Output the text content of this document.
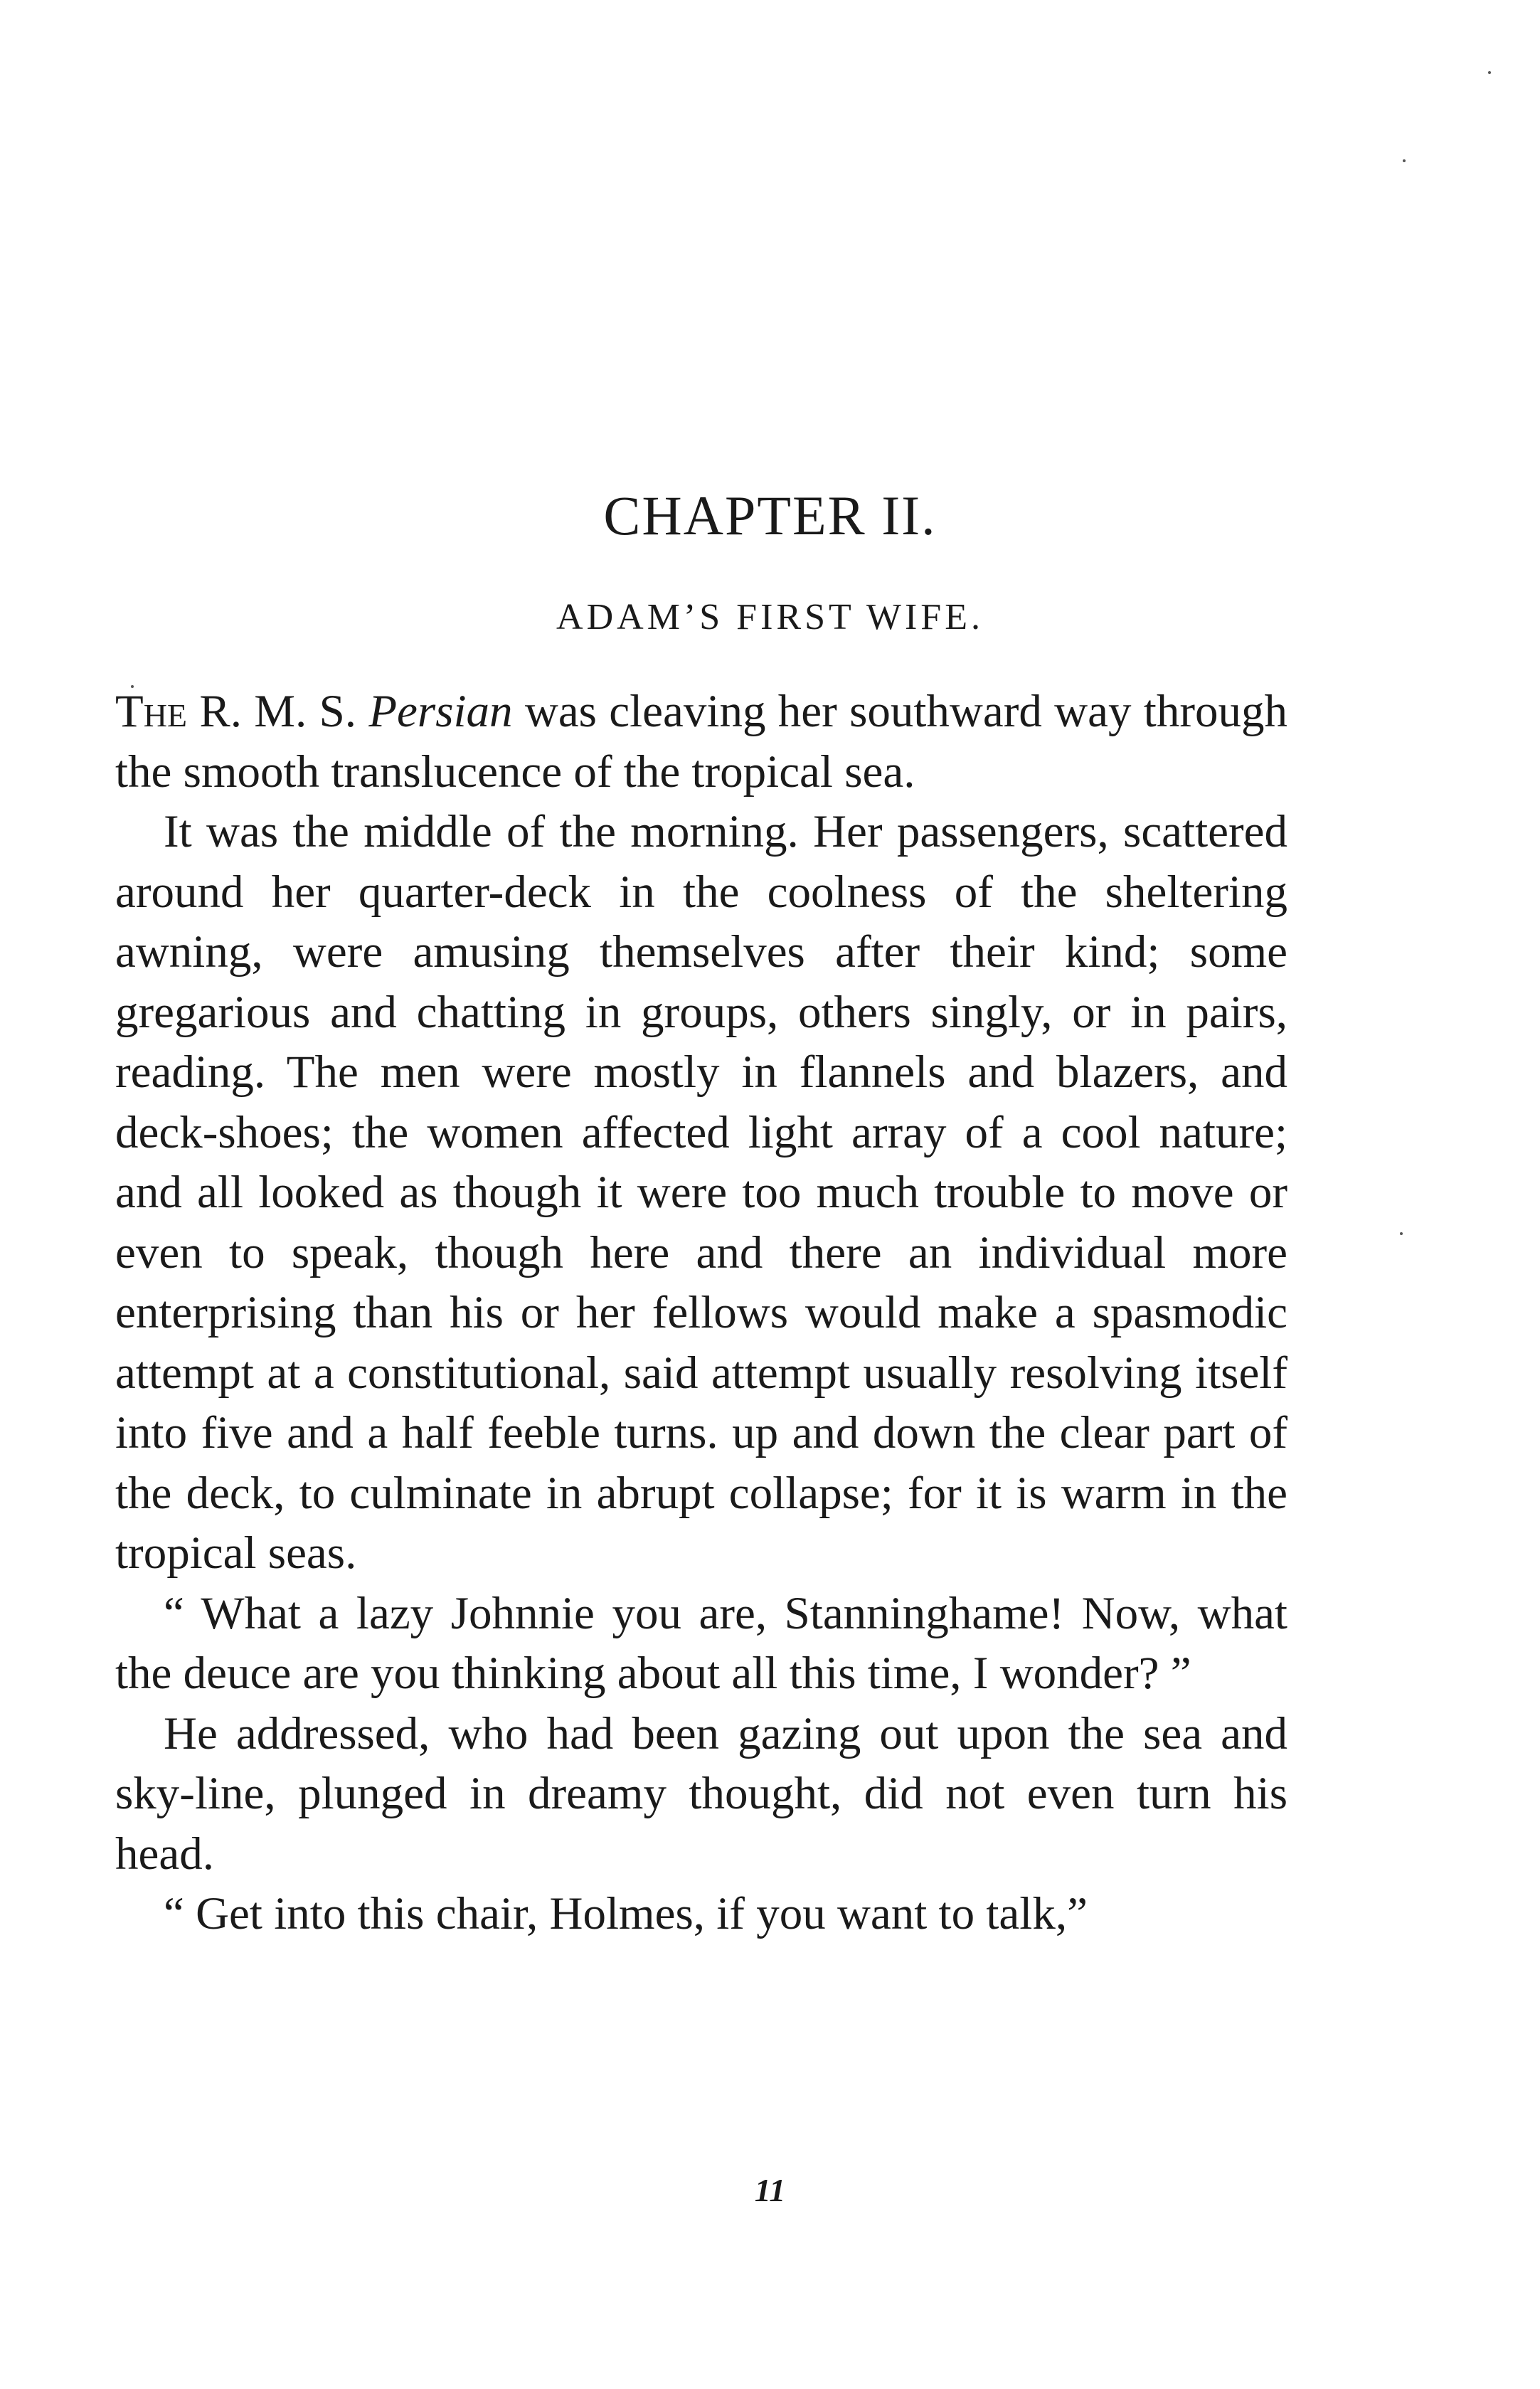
CHAPTER II.
ADAM’S FIRST WIFE.

The R. M. S. Persian was cleaving her southward way through the smooth translucence of the tropical sea.

It was the middle of the morning. Her passengers, scattered around her quarter-deck in the coolness of the sheltering awning, were amusing themselves after their kind; some gregarious and chatting in groups, others singly, or in pairs, reading. The men were mostly in flannels and blazers, and deck-shoes; the women affected light array of a cool nature; and all looked as though it were too much trouble to move or even to speak, though here and there an individual more enterprising than his or her fellows would make a spasmodic attempt at a constitutional, said attempt usually resolving itself into five and a half feeble turns. up and down the clear part of the deck, to culminate in abrupt collapse; for it is warm in the tropical seas.

“ What a lazy Johnnie you are, Stanninghame! Now, what the deuce are you thinking about all this time, I wonder? ”

He addressed, who had been gazing out upon the sea and sky-line, plunged in dreamy thought, did not even turn his head.

“ Get into this chair, Holmes, if you want to talk,”

11
